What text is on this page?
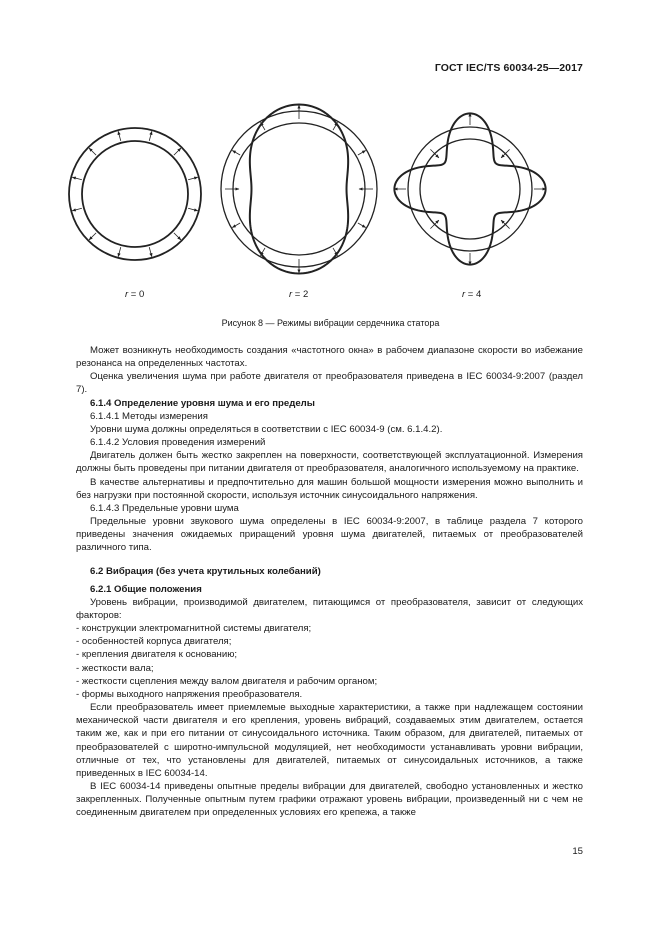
ГОСТ IEC/TS 60034-25—2017
r = 0	r = 2	r = 4
Рисунок 8 — Режимы вибрации сердечника статора

Может возникнуть необходимость создания «частотного окна» в рабочем диапазоне скорости во избежание резонанса на определенных частотах.

Оценка увеличения шума при работе двигателя от преобразователя приведена в IEC 60034-9:2007 (раздел 7).

6.1.4 Определение уровня шума и его пределы

6.1.4.1 Методы измерения

Уровни шума должны определяться в соответствии с IEC 60034-9 (см. 6.1.4.2).

6.1.4.2 Условия проведения измерений

Двигатель должен быть жестко закреплен на поверхности, соответствующей эксплуатационной. Измерения должны быть проведены при питании двигателя от преобразователя, аналогичного используемому на практике.

В качестве альтернативы и предпочтительно для машин большой мощности измерения можно выполнить и без нагрузки при постоянной скорости, используя источник синусоидального напряжения.

6.1.4.3 Предельные уровни шума

Предельные уровни звукового шума определены в IEC 60034-9:2007, в таблице раздела 7 которого приведены значения ожидаемых приращений уровня шума двигателей, питаемых от преобразователей различного типа.

6.2 Вибрация (без учета крутильных колебаний)

6.2.1 Общие положения

Уровень вибрации, производимой двигателем, питающимся от преобразователя, зависит от следующих факторов:

- конструкции электромагнитной системы двигателя;

- особенностей корпуса двигателя;

- крепления двигателя к основанию;

- жесткости вала;

- жесткости сцепления между валом двигателя и рабочим органом;

- формы выходного напряжения преобразователя.

Если преобразователь имеет приемлемые выходные характеристики, а также при надлежащем состоянии механической части двигателя и его крепления, уровень вибраций, создаваемых этим двигателем, остается таким же, как и при его питании от синусоидального источника. Таким образом, для двигателей, питаемых от преобразователей с широтно-импульсной модуляцией, нет необходимости устанавливать уровни вибрации, отличные от тех, что установлены для двигателей, питаемых от синусоидальных источников, а также приведенных в IEC 60034-14.

В IEC 60034-14 приведены опытные пределы вибрации для двигателей, свободно установленных и жестко закрепленных. Полученные опытным путем графики отражают уровень вибрации, произведенный ни с чем не соединенным двигателем при определенных условиях его крепежа, а также

15
